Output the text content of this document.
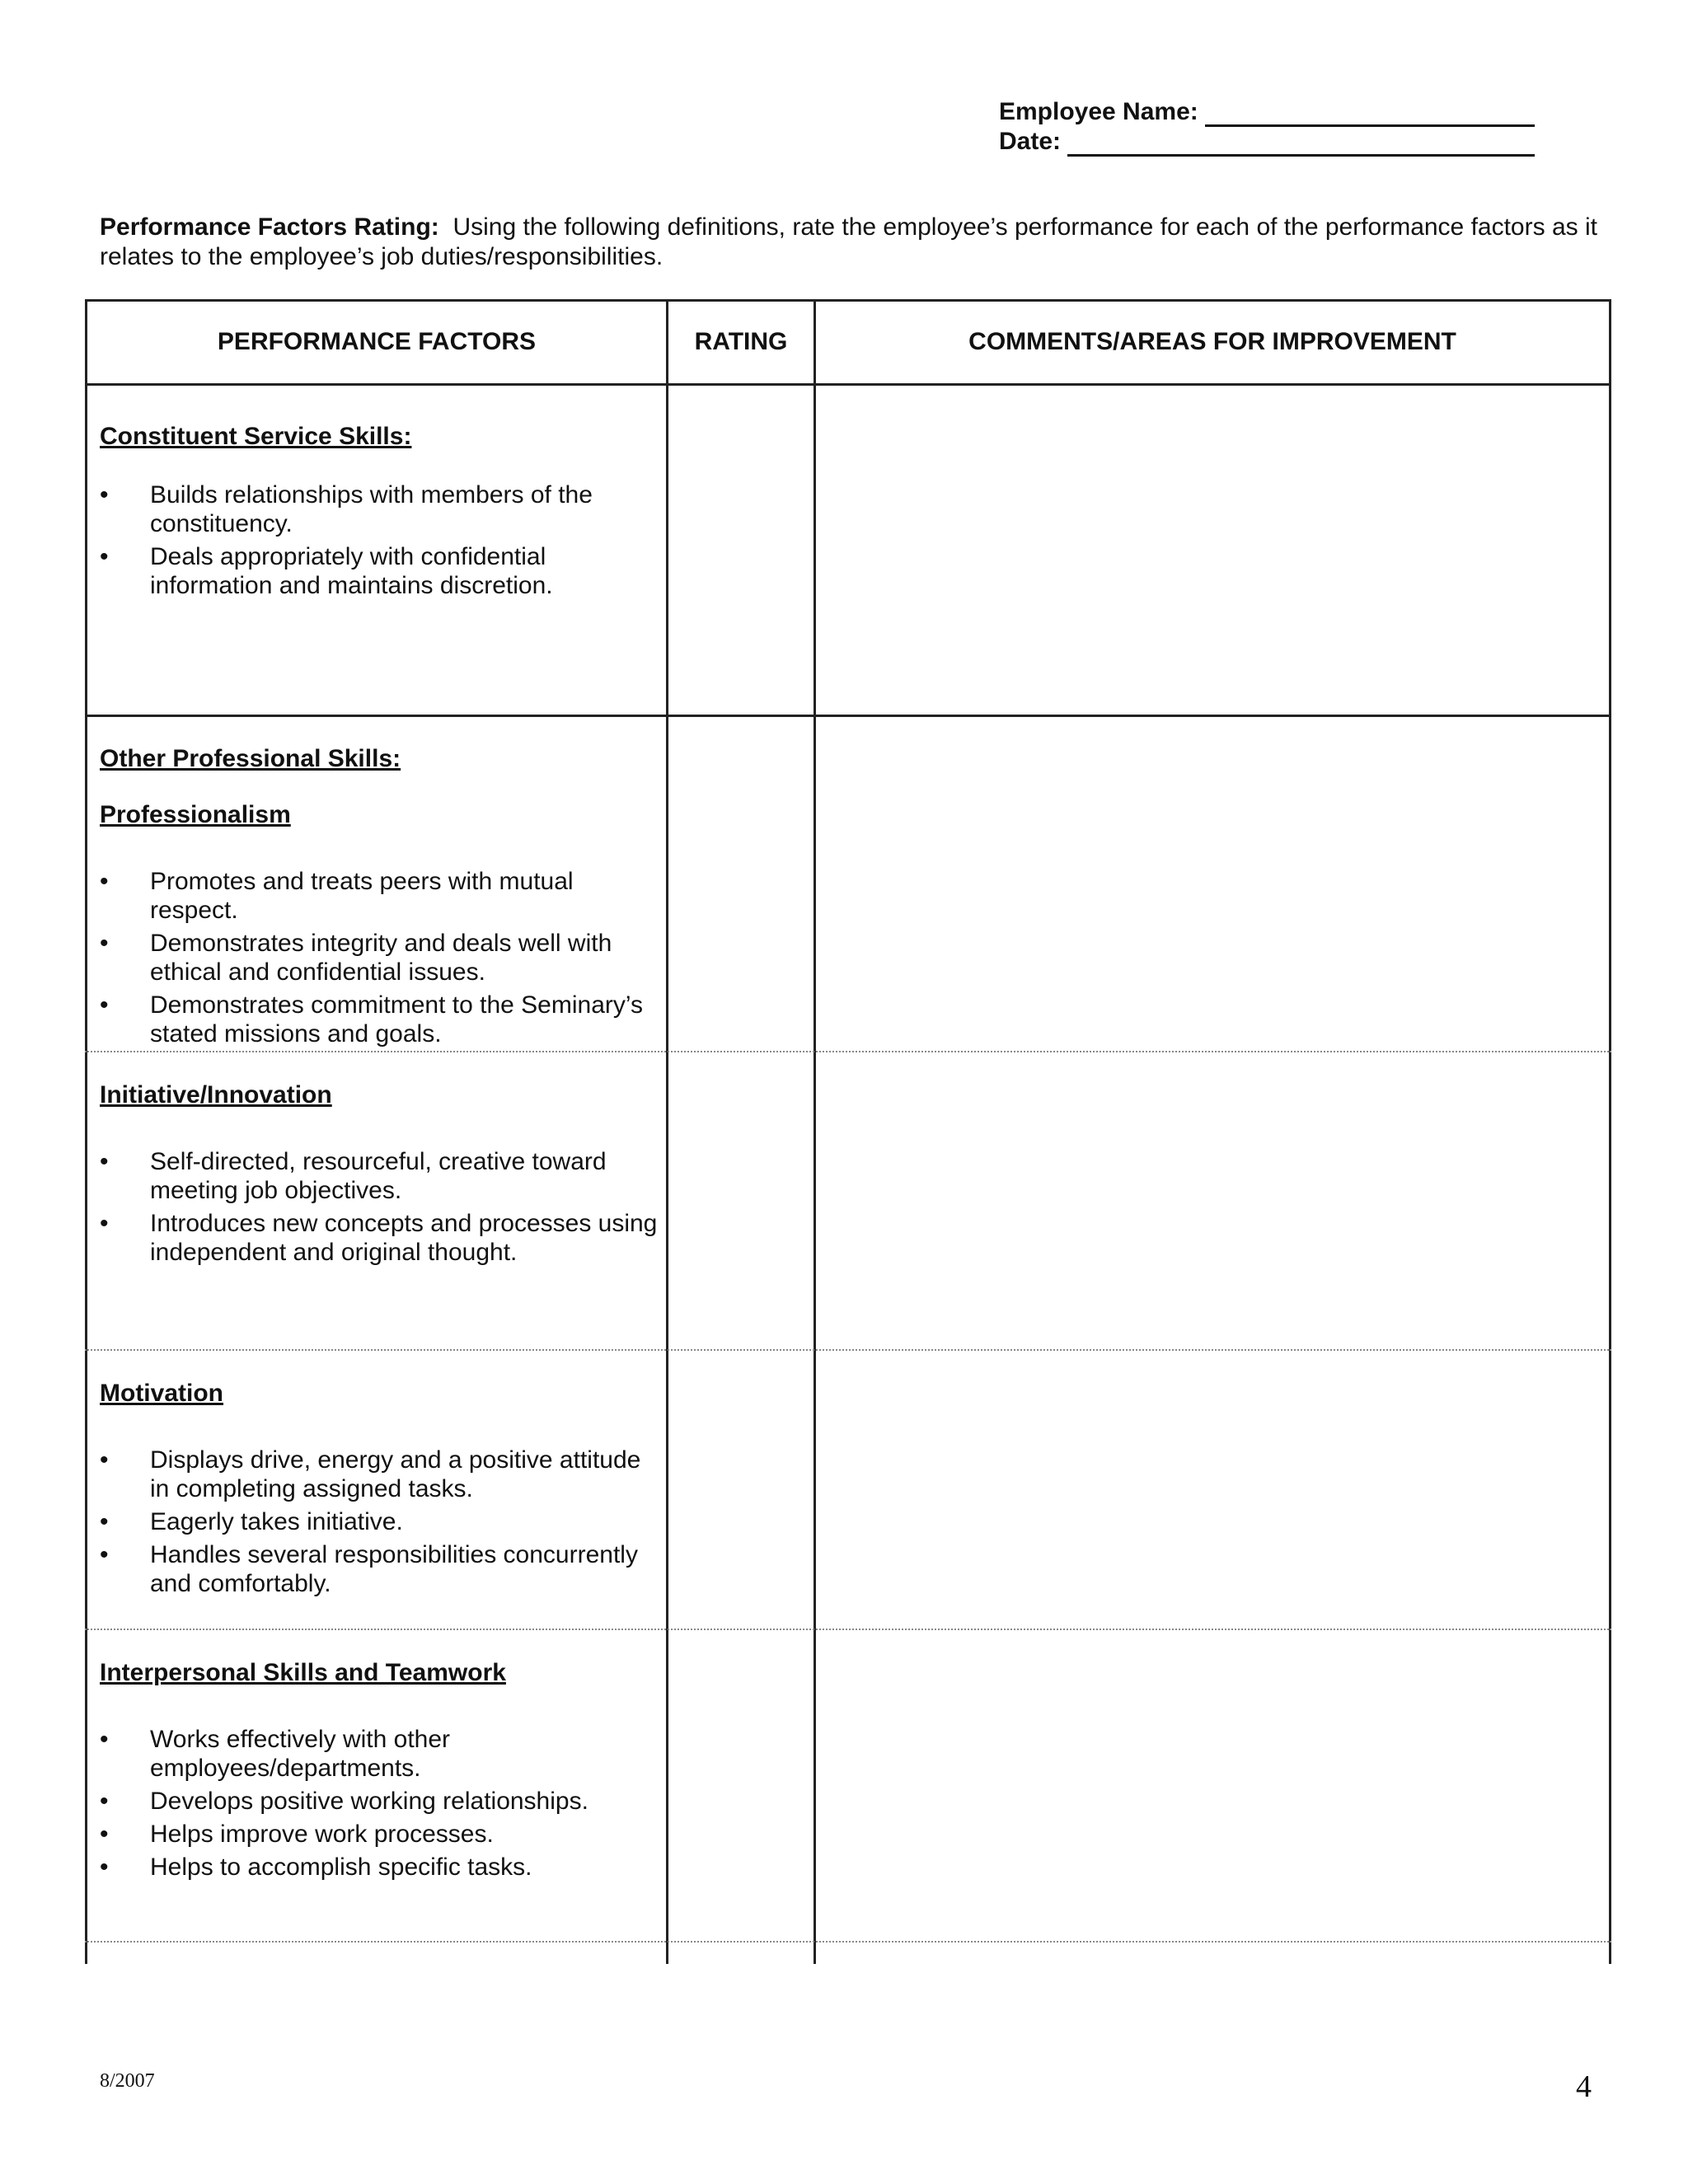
Employee Name:
Date:
Performance Factors Rating: Using the following definitions, rate the employee’s performance for each of the performance factors as it relates to the employee’s job duties/responsibilities.
PERFORMANCE FACTORS	RATING	COMMENTS/AREAS FOR IMPROVEMENT
Constituent Service Skills:
• Builds relationships with members of the constituency.
• Deals appropriately with confidential information and maintains discretion.
Other Professional Skills:
Professionalism
• Promotes and treats peers with mutual respect.
• Demonstrates integrity and deals well with ethical and confidential issues.
• Demonstrates commitment to the Seminary’s stated missions and goals.
Initiative/Innovation
• Self-directed, resourceful, creative toward meeting job objectives.
• Introduces new concepts and processes using independent and original thought.
Motivation
• Displays drive, energy and a positive attitude in completing assigned tasks.
• Eagerly takes initiative.
• Handles several responsibilities concurrently and comfortably.
Interpersonal Skills and Teamwork
• Works effectively with other employees/departments.
• Develops positive working relationships.
• Helps improve work processes.
• Helps to accomplish specific tasks.
8/2007	4
